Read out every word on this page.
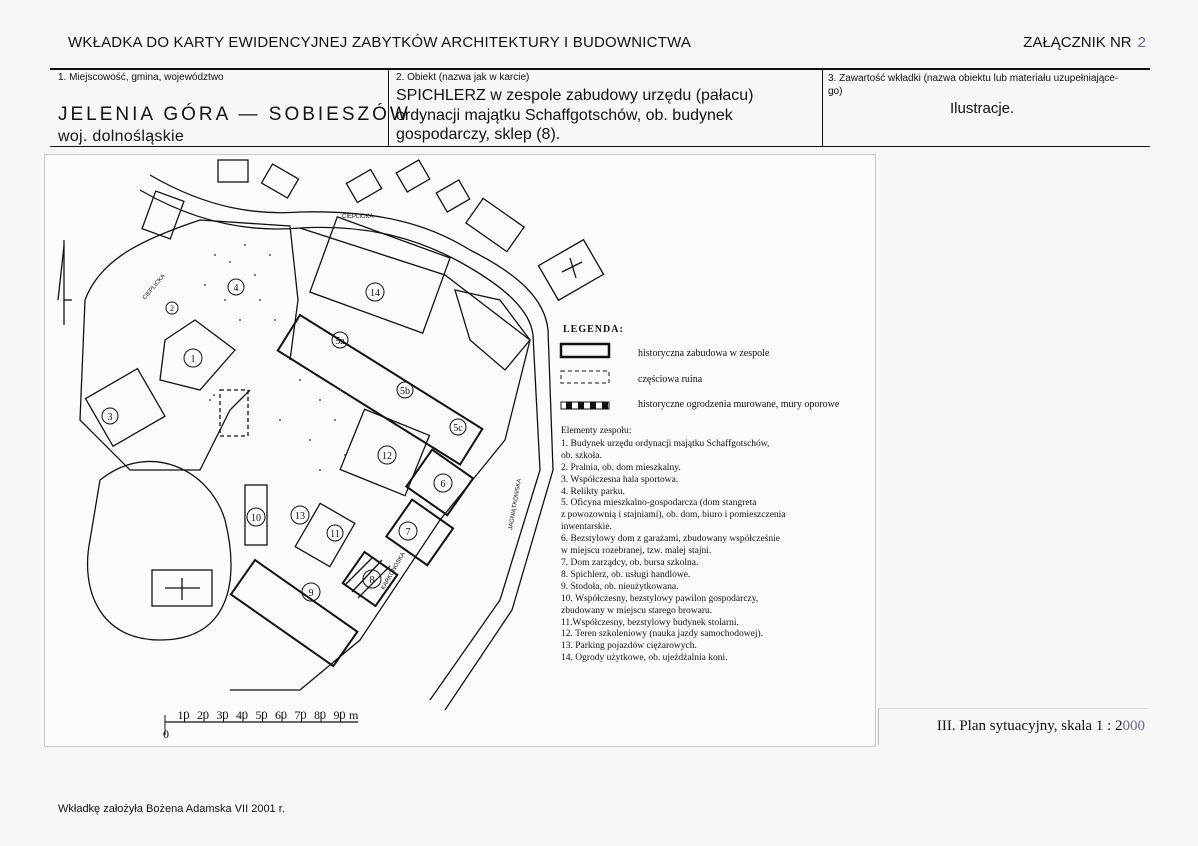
WKŁADKA DO KARTY EWIDENCYJNEJ ZABYTKÓW ARCHITEKTURY I BUDOWNICTWA	ZAŁĄCZNIK NR 2
1. Miejscowość, gmina, województwo
JELENIA GÓRA — SOBIESZÓW
woj. dolnośląskie
2. Obiekt (nazwa jak w karcie)
SPICHLERZ w zespole zabudowy urzędu (pałacu) ordynacji majątku Schaffgotschów, ob. budynek gospodarczy, sklep (8).
3. Zawartość wkładki (nazwa obiektu lub materiału uzupełniające-
go)
Ilustracje.
1
2
3
4
5a
5b
5c
6
7
8
9
10
11
12
13
14
CIEPLICKA
CIEPLICKA
KARKONOSKA
JAGNIĄTKOWSKA
0
10 20 30 40 50 60 70 80 90 m
LEGENDA:
historyczna zabudowa w zespole
częściowa ruina
historyczne ogrodzenia murowane, mury oporowe
Elementy zespołu:
1. Budynek urzędu ordynacji majątku Schaffgotschów,
ob. szkoła.
2. Pralnia, ob. dom mieszkalny.
3. Współczesna hala sportowa.
4. Relikty parku.
5. Oficyna mieszkalno-gospodarcza (dom stangreta
z powozownią i stajniami), ob. dom, biuro i pomieszczenia
inwentarskie.
6. Bezstylowy dom z garażami, zbudowany współcześnie
w miejscu rozebranej, tzw. malej stajni.
7. Dom zarządcy, ob. bursa szkolna.
8. Spichlerz, ob. usługi handlowe.
9. Stodoła, ob. nieużytkowana.
10. Współczesny, bezstylowy pawilon gospodarczy,
zbudowany w miejscu starego browaru.
11.Współczesny, bezstylowy budynek stolarni.
12. Teren szkoleniowy (nauka jazdy samochodowej).
13. Parking pojazdów ciężarowych.
14. Ogrody użytkowe, ob. ujeżdżalnia koni.
III. Plan sytuacyjny, skala 1 : 2000
Wkładkę założyła Bożena Adamska VII 2001 r.
